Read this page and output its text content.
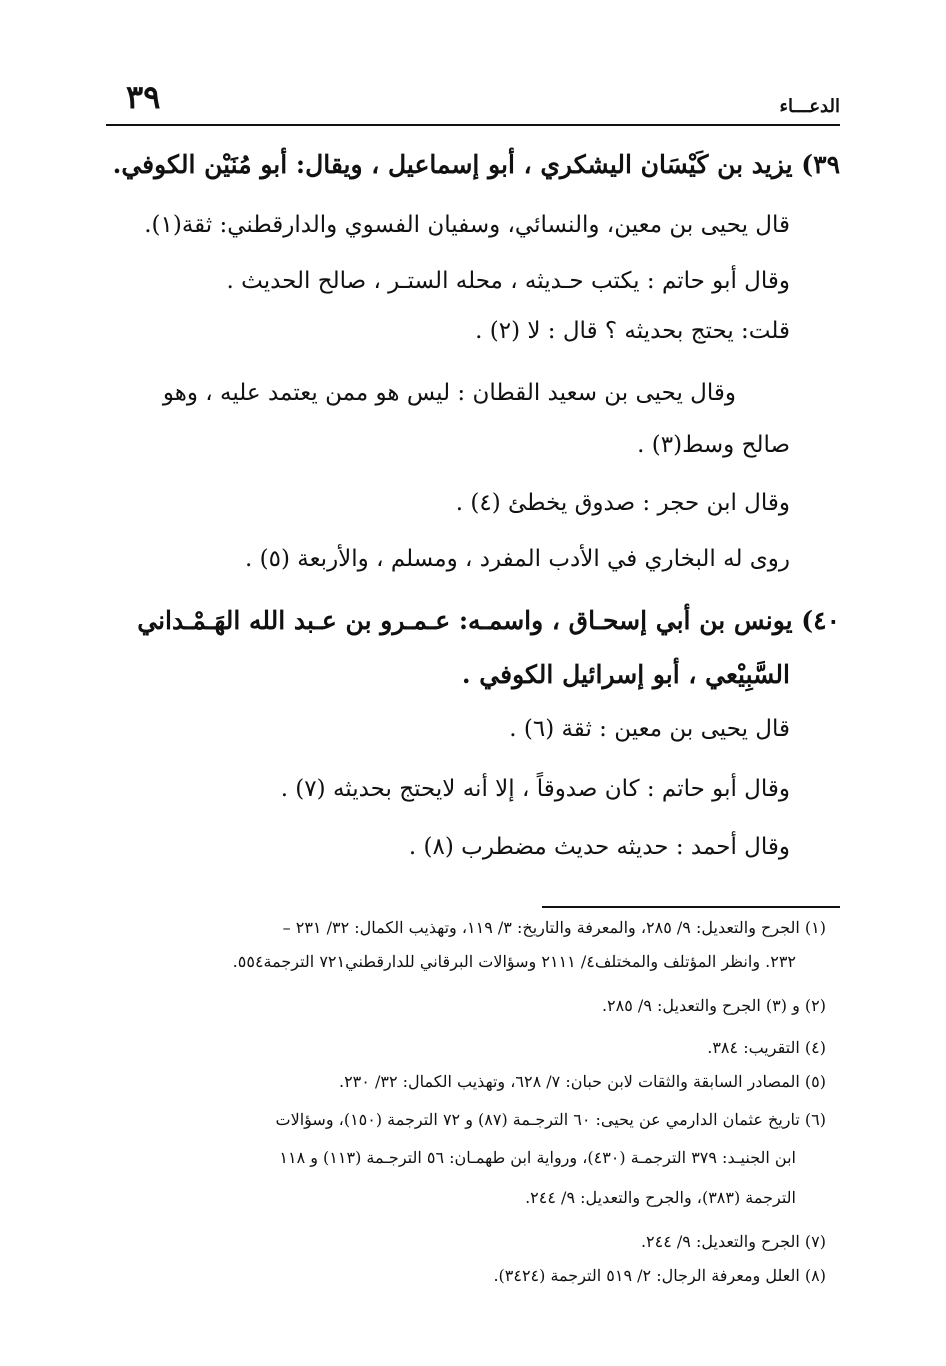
٣٩	الدعـــاء
٣٩) يزيد بن كَيْسَان اليشكري ، أبو إسماعيل ، ويقال: أبو مُنَيْن الكوفي.
قال يحيى بن معين، والنسائي، وسفيان الفسوي والدارقطني: ثقة(١).
وقال أبو حاتم : يكتب حـديثه ، محله الستـر ، صالح الحديث .
قلت: يحتج بحديثه ؟ قال : لا (٢) .
وقال يحيى بن سعيد القطان : ليس هو ممن يعتمد عليه ، وهو
صالح وسط(٣) .
وقال ابن حجر : صدوق يخطئ (٤) .
روى له البخاري في الأدب المفرد ، ومسلم ، والأربعة (٥) .
٤٠) يونس بن أبي إسحـاق ، واسمـه: عـمـرو بن عـبد الله الهَـمْـداني
السَّبِيْعي ، أبو إسرائيل الكوفي .
قال يحيى بن معين : ثقة (٦) .
وقال أبو حاتم : كان صدوقاً ، إلا أنه لايحتج بحديثه (٧) .
وقال أحمد : حديثه حديث مضطرب (٨) .
(١) الجرح والتعديل: ٩/ ٢٨٥، والمعرفة والتاريخ: ٣/ ١١٩، وتهذيب الكمال: ٣٢/ ٢٣١ –
٢٣٢. وانظر المؤتلف والمختلف٤/ ٢١١١ وسؤالات البرقاني للدارقطني٧٢١ الترجمة٥٥٤.
(٢) و (٣) الجرح والتعديل: ٩/ ٢٨٥.
(٤) التقريب: ٣٨٤.
(٥) المصادر السابقة والثقات لابن حبان: ٧/ ٦٢٨، وتهذيب الكمال: ٣٢/ ٢٣٠.
(٦) تاريخ عثمان الدارمي عن يحيى: ٦٠ الترجـمة (٨٧) و ٧٢ الترجمة (١٥٠)، وسؤالات
ابن الجنيـد: ٣٧٩ الترجمـة (٤٣٠)، ورواية ابن طهمـان: ٥٦ الترجـمة (١١٣) و ١١٨
الترجمة (٣٨٣)، والجرح والتعديل: ٩/ ٢٤٤.
(٧) الجرح والتعديل: ٩/ ٢٤٤.
(٨) العلل ومعرفة الرجال: ٢/ ٥١٩ الترجمة (٣٤٢٤).
